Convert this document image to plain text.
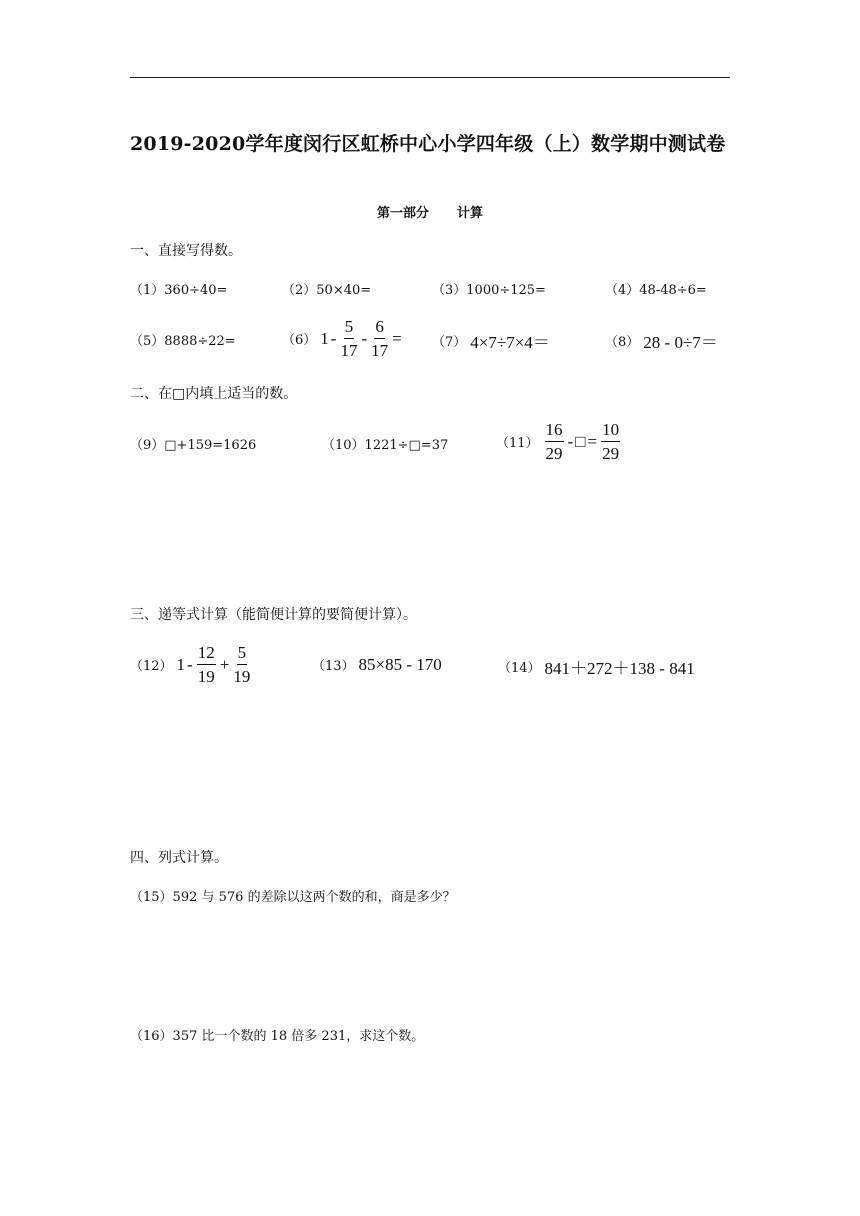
2019-2020学年度闵行区虹桥中心小学四年级（上）数学期中测试卷
第一部分 计算
一、直接写得数。
（1）360÷40=	（2）50×40=	（3）1000÷125=	（4）48-48÷6=
（5）8888÷22=	（6） $1 - \frac{5}{17} - \frac{6}{17} = (7)$ 4×7÷7×4＝	（8） 28 - 0÷7＝
二、在□内填上适当的数。
（9）□+159=1626	（10）1221÷□=37	$(11) \frac{16}{29}$ - □ = $\frac{10}{29}$
三、递等式计算（能简便计算的要简便计算）。
（12） $1 - \frac{12}{19} + \frac{5}{19}$	（13） 85×85 - 170	（14） 841＋272＋138 - 841
四、列式计算。
（15）592 与 576 的差除以这两个数的和，商是多少？
（16）357 比一个数的 18 倍多 231，求这个数。
